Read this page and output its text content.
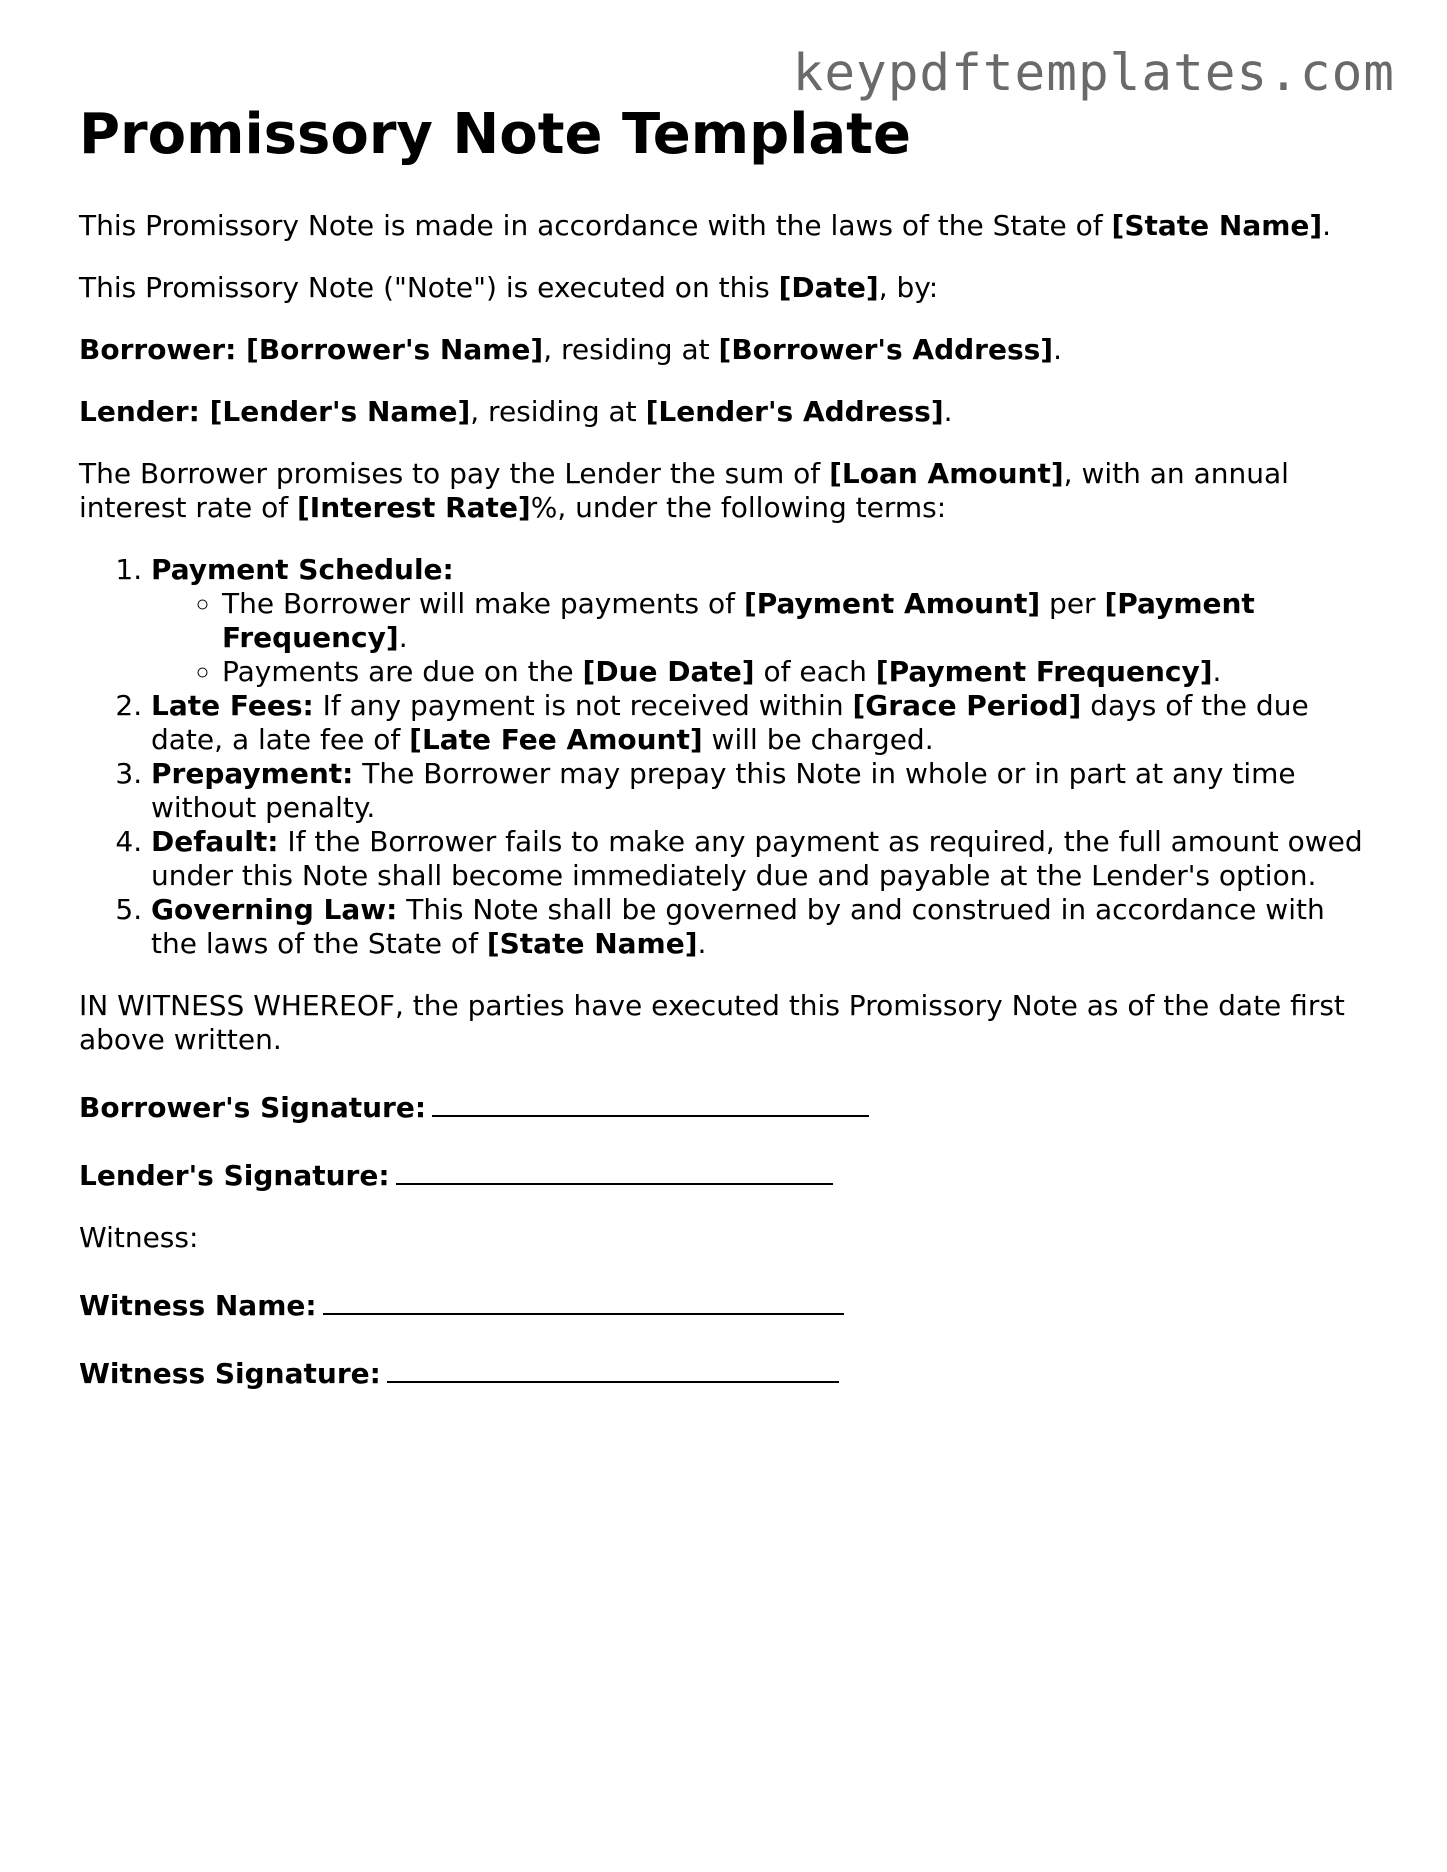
keypdftemplates.com
Promissory Note Template

This Promissory Note is made in accordance with the laws of the State of [State Name].

This Promissory Note ("Note") is executed on this [Date], by:

Borrower: [Borrower's Name], residing at [Borrower's Address].

Lender: [Lender's Name], residing at [Lender's Address].

The Borrower promises to pay the Lender the sum of [Loan Amount], with an annual interest rate of [Interest Rate]%, under the following terms:

1. Payment Schedule:
◦ The Borrower will make payments of [Payment Amount] per [Payment Frequency].
◦ Payments are due on the [Due Date] of each [Payment Frequency].
2. Late Fees: If any payment is not received within [Grace Period] days of the due date, a late fee of [Late Fee Amount] will be charged.
3. Prepayment: The Borrower may prepay this Note in whole or in part at any time without penalty.
4. Default: If the Borrower fails to make any payment as required, the full amount owed under this Note shall become immediately due and payable at the Lender's option.
5. Governing Law: This Note shall be governed by and construed in accordance with the laws of the State of [State Name].

IN WITNESS WHEREOF, the parties have executed this Promissory Note as of the date first above written.

Borrower's Signature:

Lender's Signature:

Witness:

Witness Name:

Witness Signature:
